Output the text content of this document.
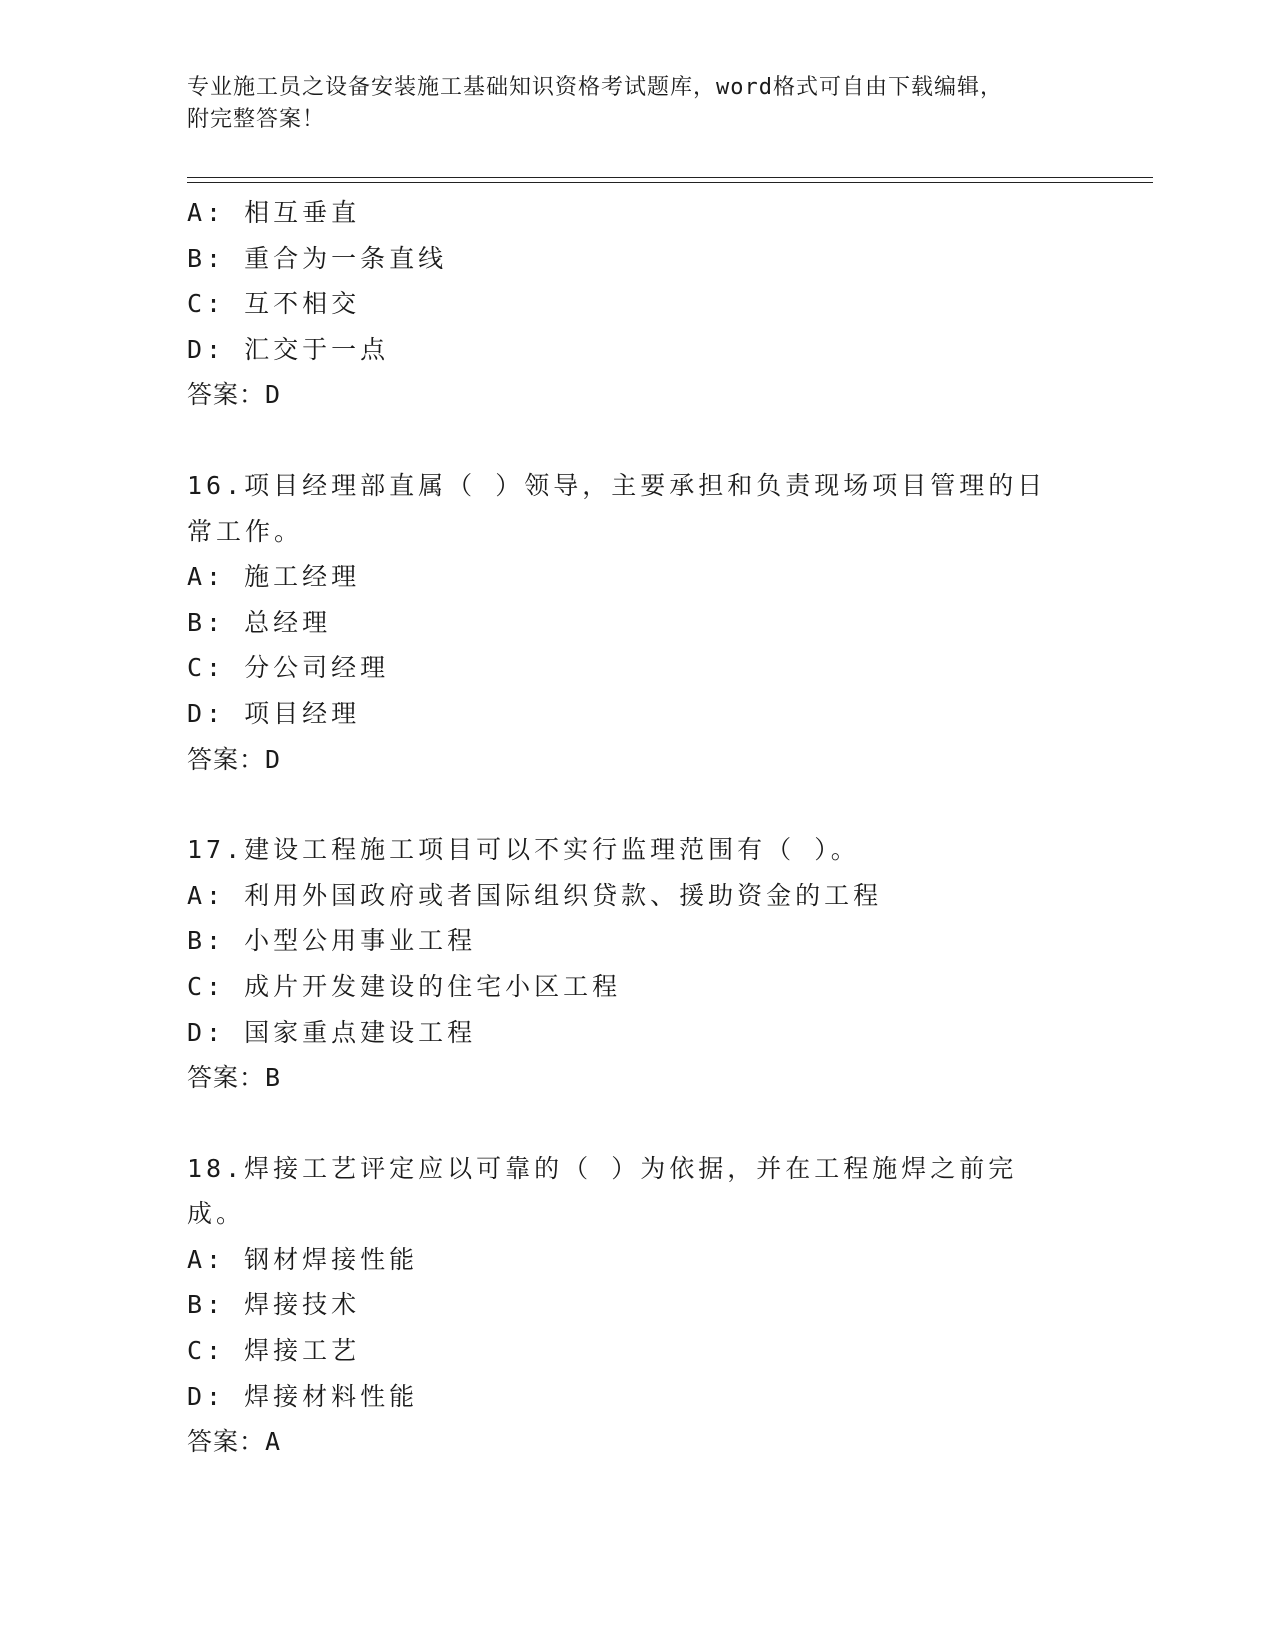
专业施工员之设备安装施工基础知识资格考试题库，word格式可自由下载编辑，
附完整答案！
A: 相互垂直
B: 重合为一条直线
C: 互不相交
D: 汇交于一点
答案：D
16.项目经理部直属（ ）领导，主要承担和负责现场项目管理的日常工作。
A: 施工经理
B: 总经理
C: 分公司经理
D: 项目经理
答案：D
17.建设工程施工项目可以不实行监理范围有（ ）。
A: 利用外国政府或者国际组织贷款、援助资金的工程
B: 小型公用事业工程
C: 成片开发建设的住宅小区工程
D: 国家重点建设工程
答案：B
18.焊接工艺评定应以可靠的（ ）为依据，并在工程施焊之前完成。
A: 钢材焊接性能
B: 焊接技术
C: 焊接工艺
D: 焊接材料性能
答案：A
